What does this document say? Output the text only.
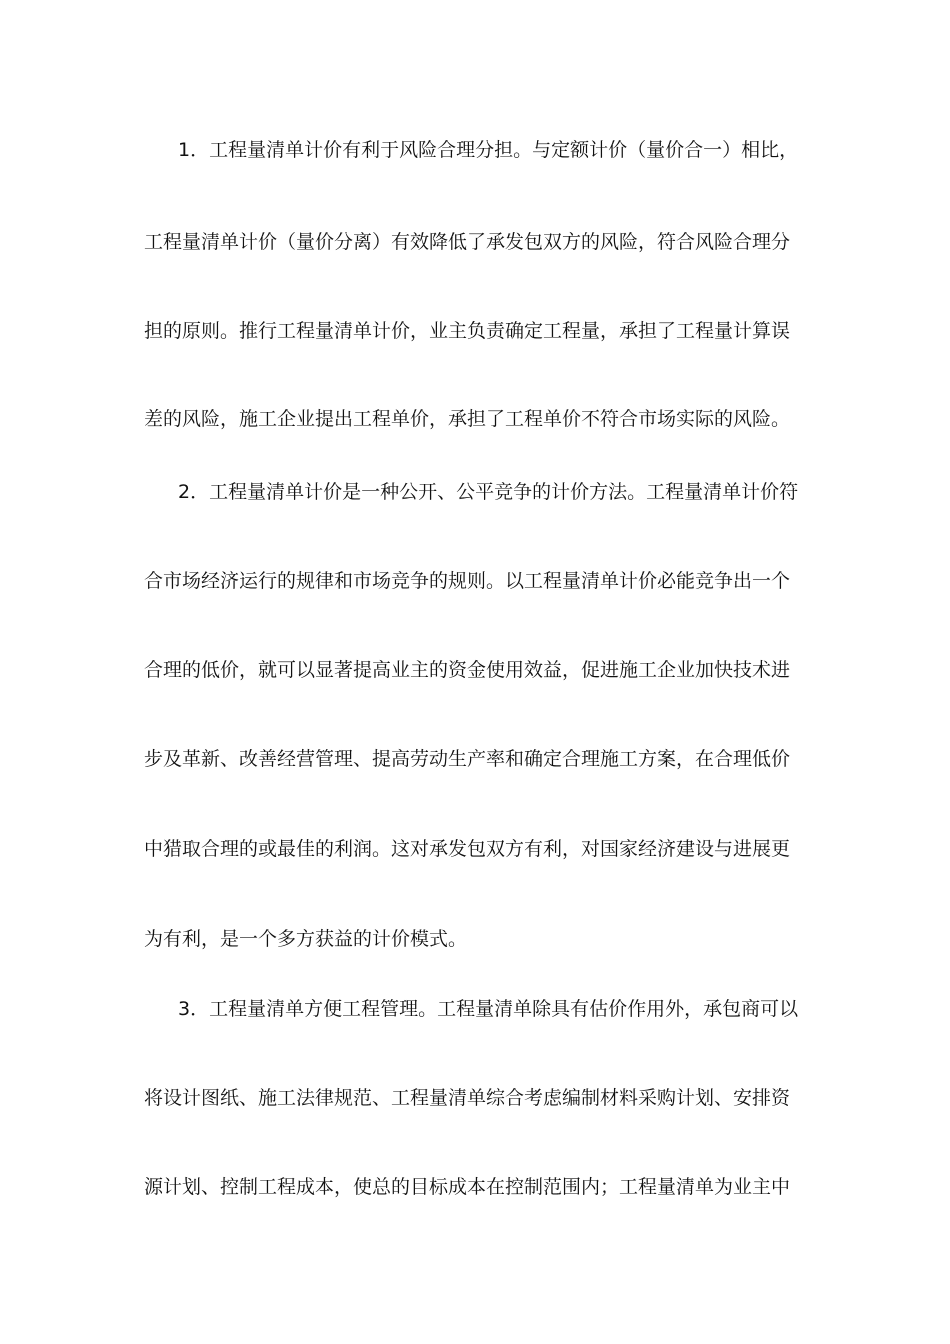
1．工程量清单计价有利于风险合理分担。与定额计价（量价合一）相比，
工程量清单计价（量价分离）有效降低了承发包双方的风险，符合风险合理分
担的原则。推行工程量清单计价，业主负责确定工程量，承担了工程量计算误
差的风险，施工企业提出工程单价，承担了工程单价不符合市场实际的风险。
2．工程量清单计价是一种公开、公平竞争的计价方法。工程量清单计价符
合市场经济运行的规律和市场竞争的规则。以工程量清单计价必能竞争出一个
合理的低价，就可以显著提高业主的资金使用效益，促进施工企业加快技术进
步及革新、改善经营管理、提高劳动生产率和确定合理施工方案，在合理低价
中猎取合理的或最佳的利润。这对承发包双方有利，对国家经济建设与进展更
为有利，是一个多方获益的计价模式。
3．工程量清单方便工程管理。工程量清单除具有估价作用外，承包商可以
将设计图纸、施工法律规范、工程量清单综合考虑编制材料采购计划、安排资
源计划、控制工程成本，使总的目标成本在控制范围内；工程量清单为业主中
